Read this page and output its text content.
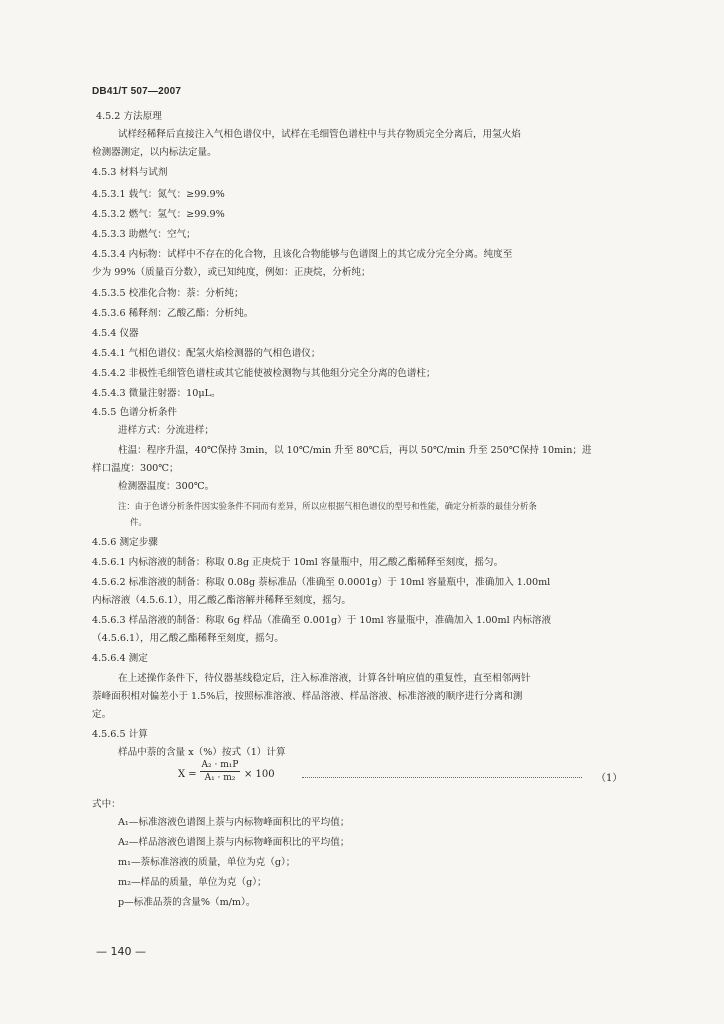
DB41/T 507—2007
4.5.2 方法原理
试样经稀释后直接注入气相色谱仪中，试样在毛细管色谱柱中与共存物质完全分离后，用氢火焰
检测器测定，以内标法定量。
4.5.3 材料与试剂
4.5.3.1 载气：氮气：≥99.9%
4.5.3.2 燃气：氢气：≥99.9%
4.5.3.3 助燃气：空气；
4.5.3.4 内标物：试样中不存在的化合物，且该化合物能够与色谱图上的其它成分完全分离。纯度至
少为 99%（质量百分数），或已知纯度，例如：正庚烷，分析纯；
4.5.3.5 校准化合物：萘：分析纯；
4.5.3.6 稀释剂：乙酸乙酯：分析纯。
4.5.4 仪器
4.5.4.1 气相色谱仪：配氢火焰检测器的气相色谱仪；
4.5.4.2 非极性毛细管色谱柱或其它能使被检测物与其他组分完全分离的色谱柱；
4.5.4.3 微量注射器：10μL。
4.5.5 色谱分析条件
进样方式：分流进样；
柱温：程序升温，40℃保持 3min，以 10℃/min 升至 80℃后，再以 50℃/min 升至 250℃保持 10min；进
样口温度：300℃；
检测器温度：300℃。
注：由于色谱分析条件因实验条件不同而有差异，所以应根据气相色谱仪的型号和性能，确定分析萘的最佳分析条
件。
4.5.6 测定步骤
4.5.6.1 内标溶液的制备：称取 0.8g 正庚烷于 10ml 容量瓶中，用乙酸乙酯稀释至刻度，摇匀。
4.5.6.2 标准溶液的制备：称取 0.08g 萘标准品（准确至 0.0001g）于 10ml 容量瓶中，准确加入 1.00ml
内标溶液（4.5.6.1），用乙酸乙酯溶解并稀释至刻度，摇匀。
4.5.6.3 样品溶液的制备：称取 6g 样品（准确至 0.001g）于 10ml 容量瓶中，准确加入 1.00ml 内标溶液
（4.5.6.1），用乙酸乙酯稀释至刻度，摇匀。
4.5.6.4 测定
在上述操作条件下，待仪器基线稳定后，注入标准溶液，计算各针响应值的重复性，直至相邻两针
萘峰面积相对偏差小于 1.5%后，按照标准溶液、样品溶液、样品溶液、标准溶液的顺序进行分离和测
定。
4.5.6.5 计算
样品中萘的含量 x（%）按式（1）计算
$X = \frac{\text{A₂ · m₁P}}{\text{A₁ · m₂}} \times 100$	（1）
式中：
A₁—标准溶液色谱图上萘与内标物峰面积比的平均值；
A₂—样品溶液色谱图上萘与内标物峰面积比的平均值；
m₁—萘标准溶液的质量，单位为克（g）；
m₂—样品的质量，单位为克（g）；
p—标准品萘的含量%（m/m）。
— 140 —
